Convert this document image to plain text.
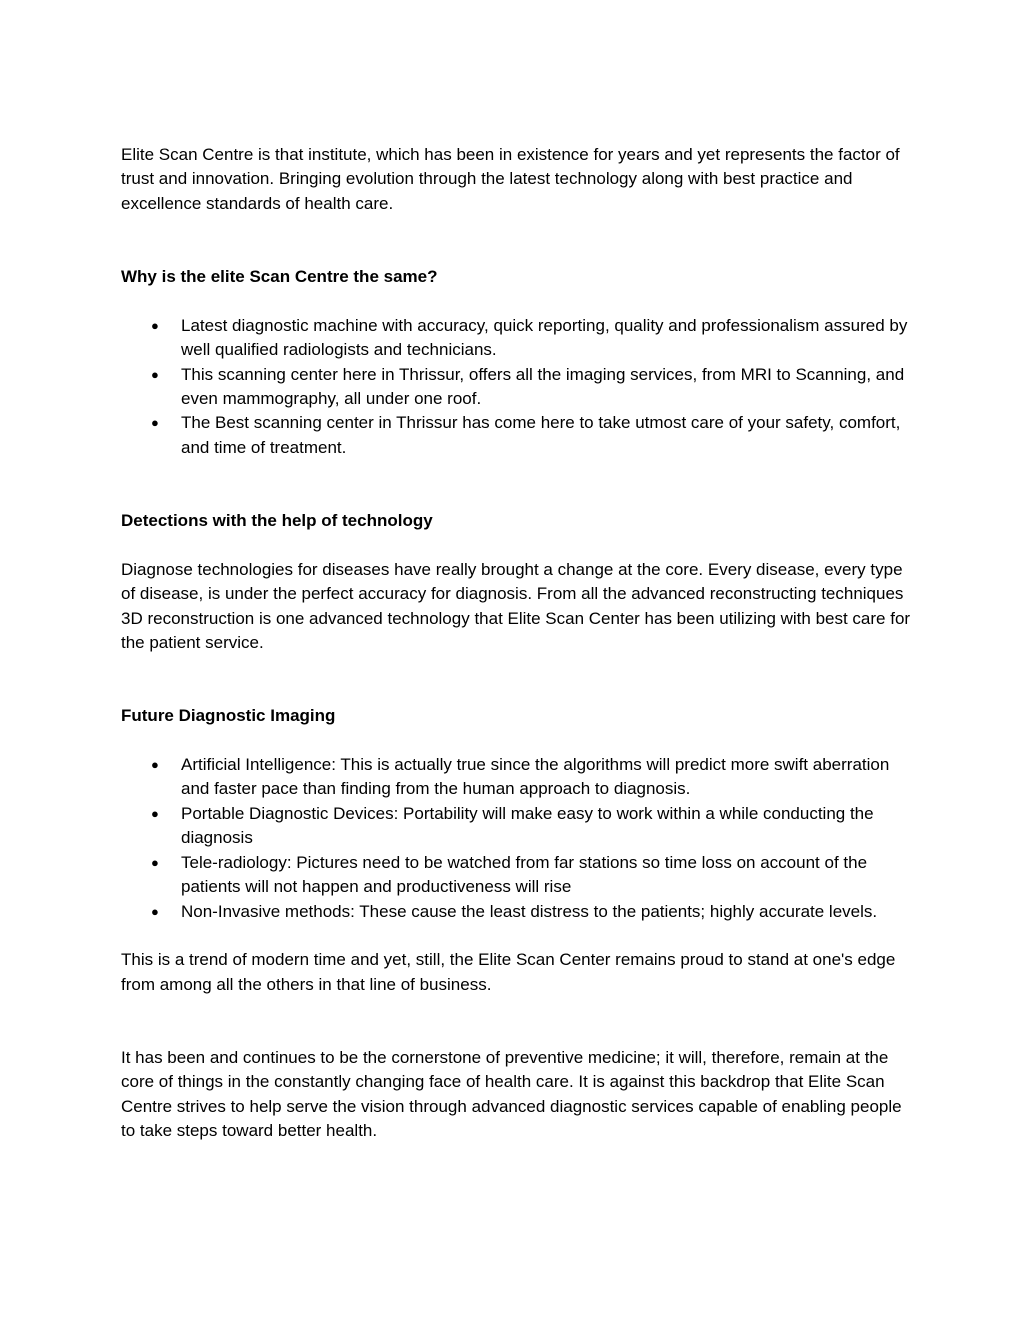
Elite Scan Centre is that institute, which has been in existence for years and yet represents the factor of trust and innovation. Bringing evolution through the latest technology along with best practice and excellence standards of health care.

Why is the elite Scan Centre the same?

● Latest diagnostic machine with accuracy, quick reporting, quality and professionalism assured by well qualified radiologists and technicians.
● This scanning center here in Thrissur, offers all the imaging services, from MRI to Scanning, and even mammography, all under one roof.
● The Best scanning center in Thrissur has come here to take utmost care of your safety, comfort, and time of treatment.

Detections with the help of technology

Diagnose technologies for diseases have really brought a change at the core. Every disease, every type of disease, is under the perfect accuracy for diagnosis. From all the advanced reconstructing techniques 3D reconstruction is one advanced technology that Elite Scan Center has been utilizing with best care for the patient service.

Future Diagnostic Imaging

● Artificial Intelligence: This is actually true since the algorithms will predict more swift aberration and faster pace than finding from the human approach to diagnosis.
● Portable Diagnostic Devices: Portability will make easy to work within a while conducting the diagnosis
● Tele-radiology: Pictures need to be watched from far stations so time loss on account of the patients will not happen and productiveness will rise
● Non-Invasive methods: These cause the least distress to the patients; highly accurate levels.

This is a trend of modern time and yet, still, the Elite Scan Center remains proud to stand at one's edge from among all the others in that line of business.

It has been and continues to be the cornerstone of preventive medicine; it will, therefore, remain at the core of things in the constantly changing face of health care. It is against this backdrop that Elite Scan Centre strives to help serve the vision through advanced diagnostic services capable of enabling people to take steps toward better health.
